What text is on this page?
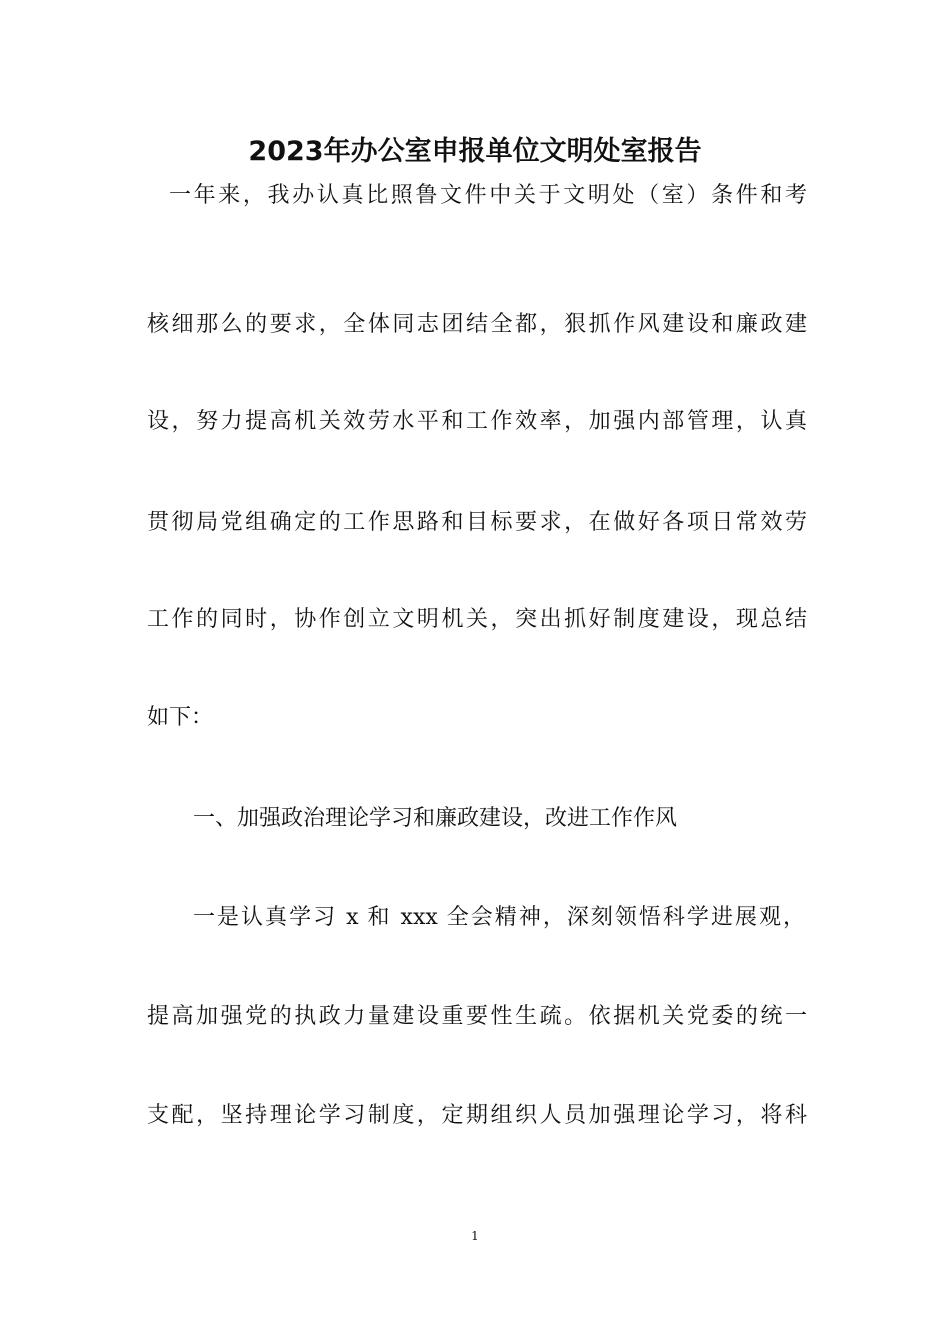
2023年办公室申报单位文明处室报告
一年来，我办认真比照鲁文件中关于文明处（室）条件和考
核细那么的要求，全体同志团结全都，狠抓作风建设和廉政建
设，努力提高机关效劳水平和工作效率，加强内部管理，认真
贯彻局党组确定的工作思路和目标要求，在做好各项日常效劳
工作的同时，协作创立文明机关，突出抓好制度建设，现总结
如下：
一、加强政治理论学习和廉政建设，改进工作作风
一是认真学习 x 和 xxx 全会精神，深刻领悟科学进展观，
提高加强党的执政力量建设重要性生疏。依据机关党委的统一
支配，坚持理论学习制度，定期组织人员加强理论学习，将科
1
